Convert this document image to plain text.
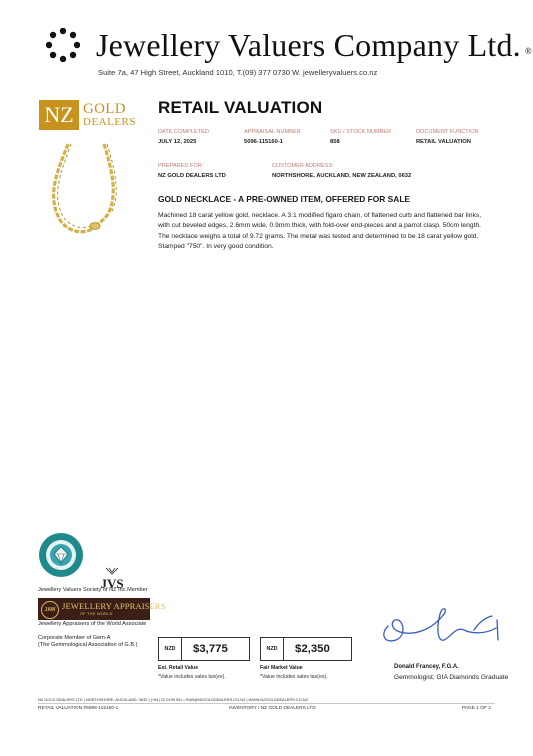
Jewellery Valuers Company Ltd. ®
Suite 7a, 47 High Street, Auckland 1010, T.(09) 377 0730 W. jewelleryvaluers.co.nz
NZ GOLD
DEALERS
RETAIL VALUATION
DATE COMPLETED
JULY 12, 2025
APPRAISAL NUMBER
5096-115160-1
SKU / STOCK NUMBER
858
DOCUMENT FUNCTION
RETAIL VALUATION
PREPARED FOR:
NZ GOLD DEALERS LTD
CUSTOMER ADDRESS:
NORTHSHORE, AUCKLAND, NEW ZEALAND, 0632
GOLD NECKLACE - A PRE-OWNED ITEM, OFFERED FOR SALE
Machined 18 carat yellow gold, necklace. A 3:1 modified figaro chain, of flattened curb and flattened bar links, with cut beveled edges, 2.6mm wide, 0.9mm thick, with fold-over end-pieces and a parrot clasp. 50cm length. The necklace weighs a total of 9.72 grams. The metal was tested and determined to be 18 carat yellow gold. Stamped "750". In very good condition.
JVS
Jewellery Valuers Society of NZ Inc.Member
JAW JEWELLERY APPRAISERS
OF THE WORLD
Jewellery Appraisers of the World Associate
Corporate Member of Gem-A
(The Gemmological Association of G.B.)
NZD	$3,775
Est. Retail Value
*Value includes sales tax(es).
NZD	$2,350
Fair Market Value
*Value includes sales tax(es).
Donald Francey, F.G.A.
Gemmologist; GIA Diamonds Graduate
NZ GOLD DEALERS LTD | NORTHSHORE, AUCKLAND, 0632 | (+64) 22 0199 551 | HUB@NZGOLDDEALERS.CO.NZ | WWW.NZGOLDDEALERS.CO.NZ
RETAIL VALUATION #5096-115160-1	INVENTORY / NZ GOLD DEALERS LTD	PAGE 1 OF 2
